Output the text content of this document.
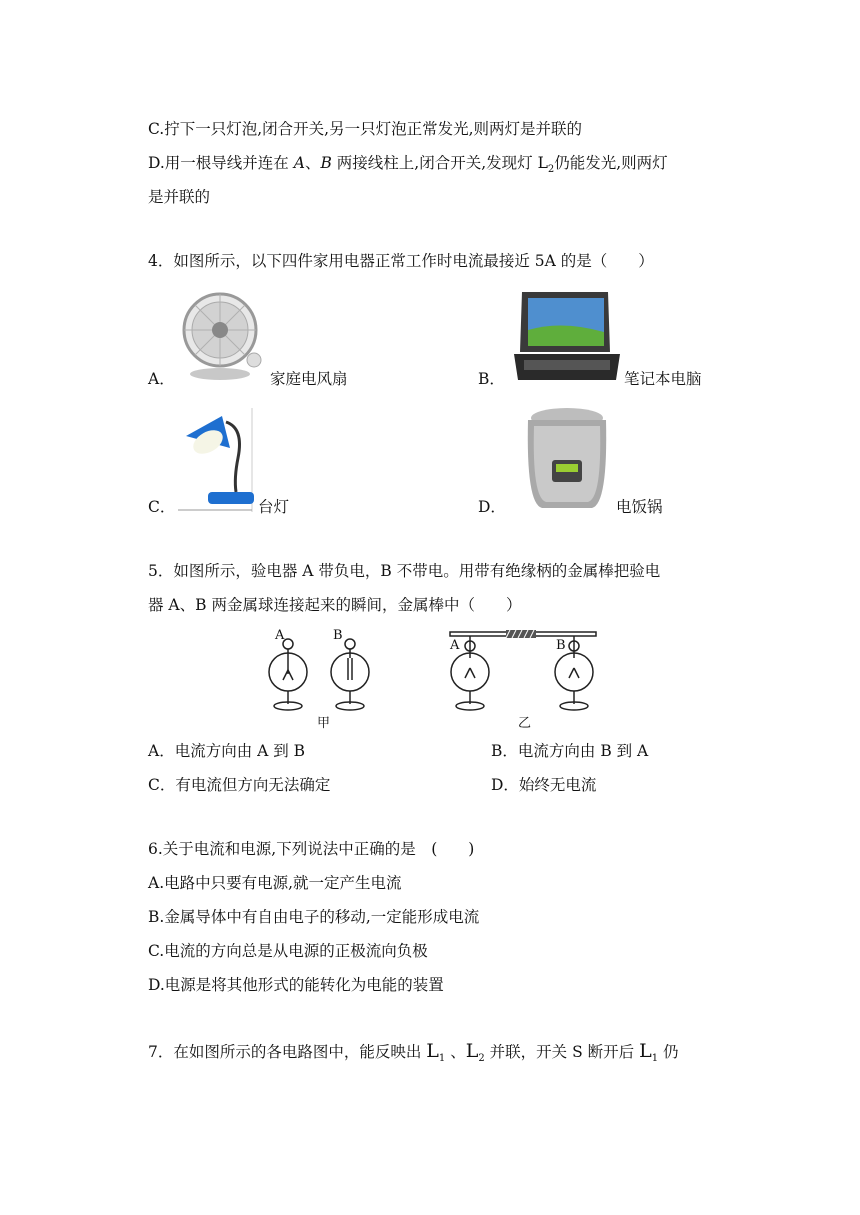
C.拧下一只灯泡,闭合开关,另一只灯泡正常发光,则两灯是并联的
D.用一根导线并连在 A、B 两接线柱上,闭合开关,发现灯 $L_2$仍能发光,则两灯
是并联的
4．如图所示，以下四件家用电器正常工作时电流最接近 5A 的是（　　）
A．	家庭电风扇	B．	笔记本电脑
C．	台灯	D．	电饭锅
5．如图所示，验电器 A 带负电，B 不带电。用带有绝缘柄的金属棒把验电
器 A、B 两金属球连接起来的瞬间，金属棒中（　　）
A	B
甲
A	B
乙
A．电流方向由 A 到 B	B．电流方向由 B 到 A
C．有电流但方向无法确定	D．始终无电流
6.关于电流和电源,下列说法中正确的是　(　　)
A.电路中只要有电源,就一定产生电流
B.金属导体中有自由电子的移动,一定能形成电流
C.电流的方向总是从电源的正极流向负极
D.电源是将其他形式的能转化为电能的装置
7．在如图所示的各电路图中，能反映出 $L_1$ 、$L_2$ 并联，开关 S 断开后 $L_1$ 仍
